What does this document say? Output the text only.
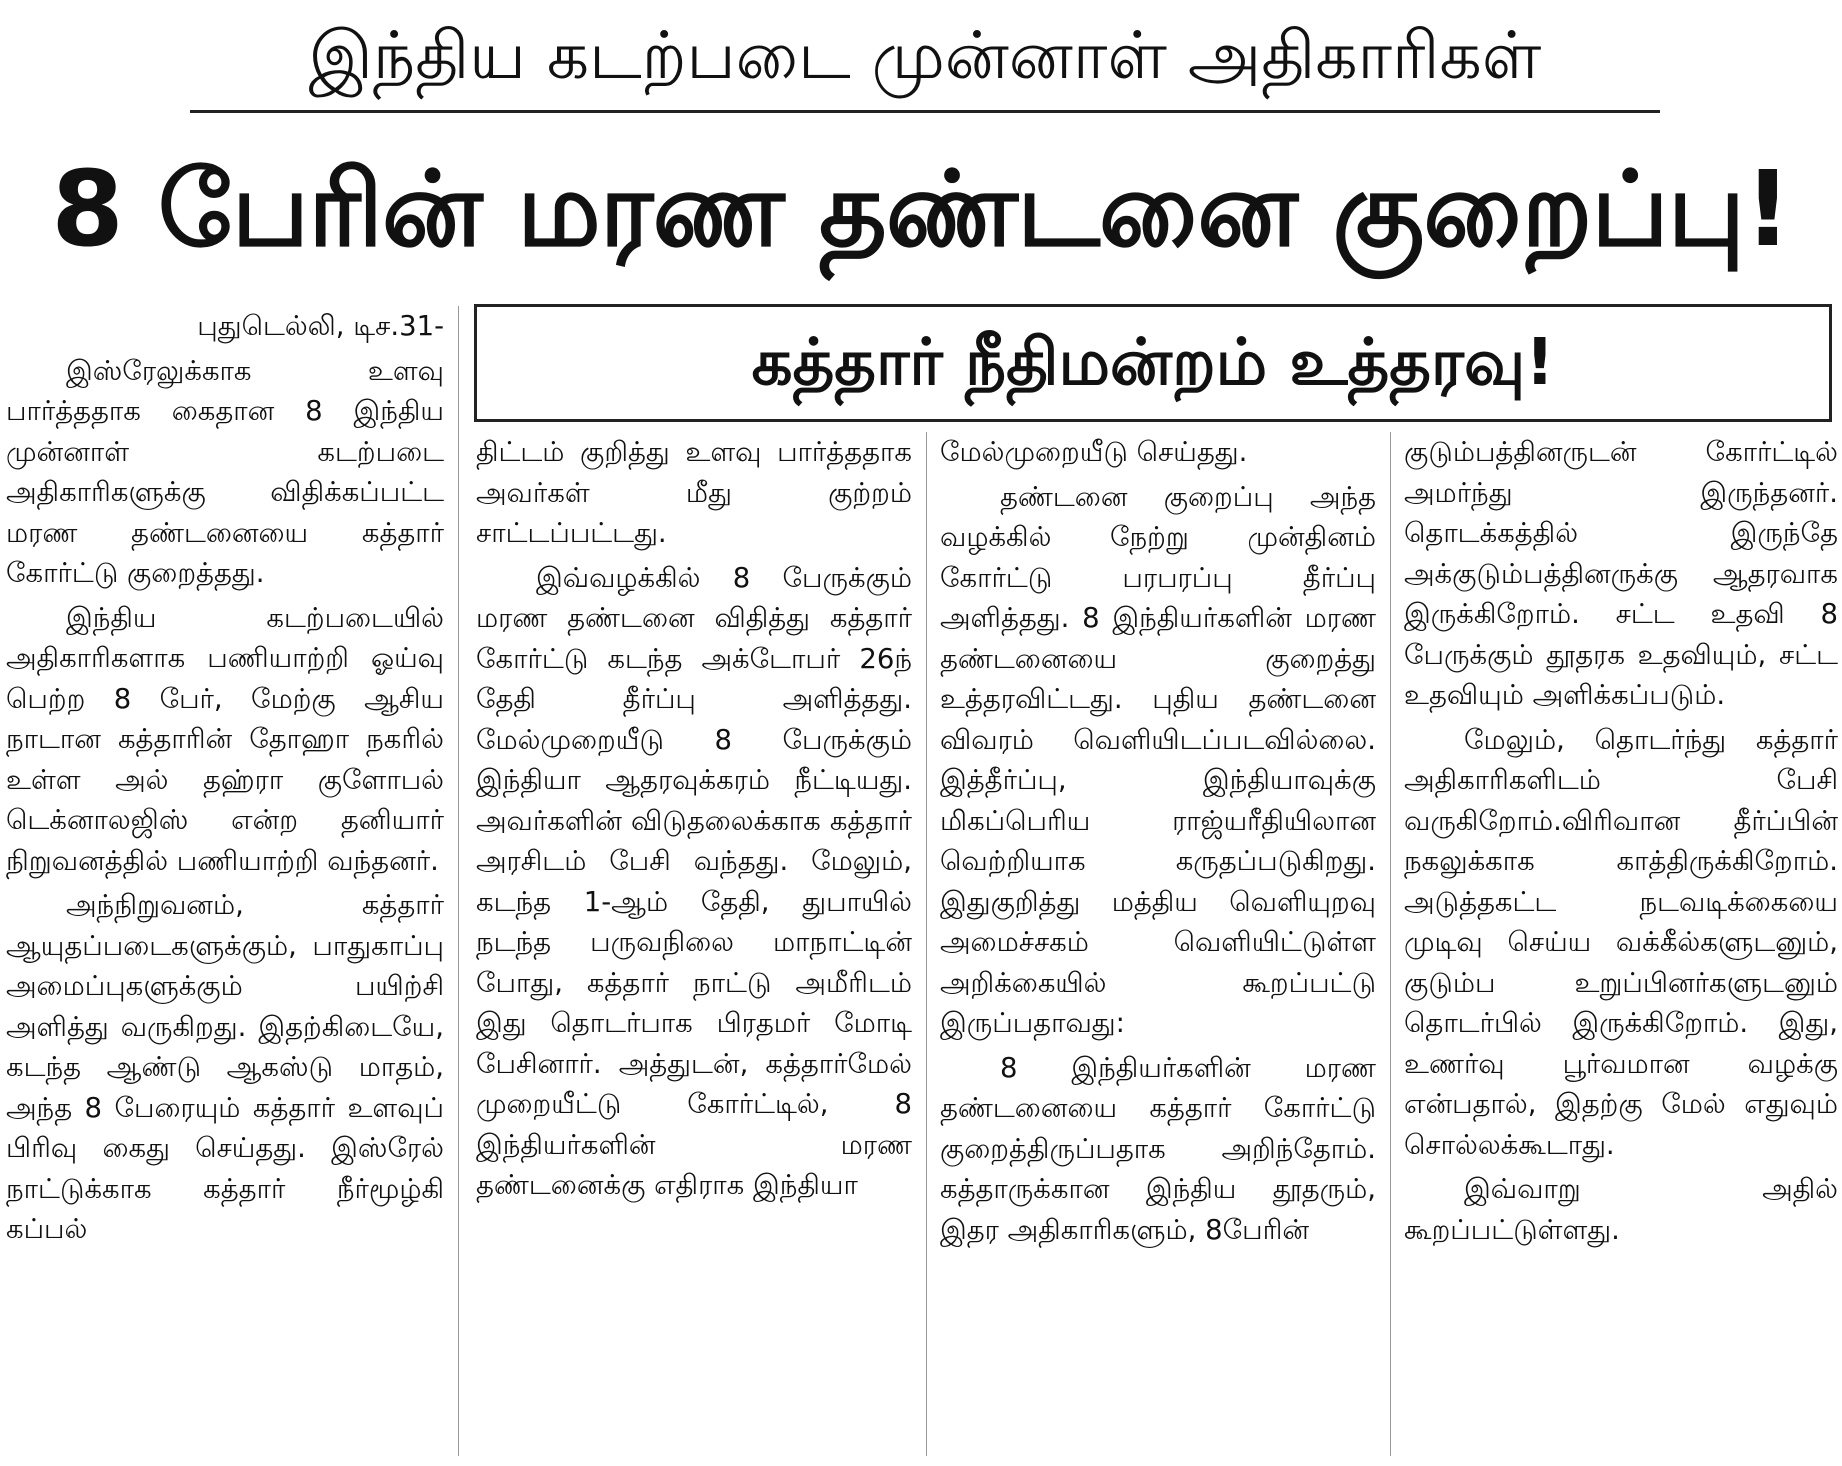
இந்திய கடற்படை முன்னாள் அதிகாரிகள்
8 பேரின் மரண தண்டனை குறைப்பு!
கத்தார் நீதிமன்றம் உத்தரவு!

புதுடெல்லி, டிச.31-

இஸ்ரேலுக்காக உளவு பார்த்ததாக கைதான 8 இந்திய முன்னாள் கடற்படை அதிகாரிகளுக்கு விதிக்கப்பட்ட மரண தண்டனையை கத்தார் கோர்ட்டு குறைத்தது.

இந்திய கடற்படையில் அதிகாரிகளாக பணியாற்றி ஓய்வு பெற்ற 8 பேர், மேற்கு ஆசிய நாடான கத்தாரின் தோஹா நகரில் உள்ள அல் தஹ்ரா குளோபல் டெக்னாலஜிஸ் என்ற தனியார் நிறுவனத்தில் பணியாற்றி வந்தனர்.

அந்நிறுவனம், கத்தார் ஆயுதப்படைகளுக்கும், பாதுகாப்பு அமைப்புகளுக்கும் பயிற்சி அளித்து வருகிறது. இதற்கிடையே, கடந்த ஆண்டு ஆகஸ்டு மாதம், அந்த 8 பேரையும் கத்தார் உளவுப் பிரிவு கைது செய்தது. இஸ்ரேல் நாட்டுக்காக கத்தார் நீர்மூழ்கி கப்பல்

திட்டம் குறித்து உளவு பார்த்ததாக அவர்கள் மீது குற்றம் சாட்டப்பட்டது.

இவ்வழக்கில் 8 பேருக்கும் மரண தண்டனை விதித்து கத்தார் கோர்ட்டு கடந்த அக்டோபர் 26ந் தேதி தீர்ப்பு அளித்தது. மேல்முறையீடு 8 பேருக்கும் இந்தியா ஆதரவுக்கரம் நீட்டியது. அவர்களின் விடுதலைக்காக கத்தார் அரசிடம் பேசி வந்தது. மேலும், கடந்த 1-ஆம் தேதி, துபாயில் நடந்த பருவநிலை மாநாட்டின் போது, கத்தார் நாட்டு அமீரிடம் இது தொடர்பாக பிரதமர் மோடி பேசினார். அத்துடன், கத்தார்மேல் முறையீட்டு கோர்ட்டில், 8 இந்தியர்களின் மரண தண்டனைக்கு எதிராக இந்தியா

மேல்முறையீடு செய்தது.

தண்டனை குறைப்பு அந்த வழக்கில் நேற்று முன்தினம் கோர்ட்டு பரபரப்பு தீர்ப்பு அளித்தது. 8 இந்தியர்களின் மரண தண்டனையை குறைத்து உத்தரவிட்டது. புதிய தண்டனை விவரம் வெளியிடப்படவில்லை. இத்தீர்ப்பு, இந்தியாவுக்கு மிகப்பெரிய ராஜ்யரீதியிலான வெற்றியாக கருதப்படுகிறது. இதுகுறித்து மத்திய வெளியுறவு அமைச்சகம் வெளியிட்டுள்ள அறிக்கையில் கூறப்பட்டு இருப்பதாவது:

8 இந்தியர்களின் மரண தண்டனையை கத்தார் கோர்ட்டு குறைத்திருப்பதாக அறிந்தோம். கத்தாருக்கான இந்திய தூதரும், இதர அதிகாரிகளும், 8பேரின்

குடும்பத்தினருடன் கோர்ட்டில் அமர்ந்து இருந்தனர். தொடக்கத்தில் இருந்தே அக்குடும்பத்தினருக்கு ஆதரவாக இருக்கிறோம். சட்ட உதவி 8 பேருக்கும் தூதரக உதவியும், சட்ட உதவியும் அளிக்கப்படும்.

மேலும், தொடர்ந்து கத்தார் அதிகாரிகளிடம் பேசி வருகிறோம்.விரிவான தீர்ப்பின் நகலுக்காக காத்திருக்கிறோம். அடுத்தகட்ட நடவடிக்கையை முடிவு செய்ய வக்கீல்களுடனும், குடும்ப உறுப்பினர்களுடனும் தொடர்பில் இருக்கிறோம். இது, உணர்வு பூர்வமான வழக்கு என்பதால், இதற்கு மேல் எதுவும் சொல்லக்கூடாது.

இவ்வாறு அதில் கூறப்பட்டுள்ளது.
